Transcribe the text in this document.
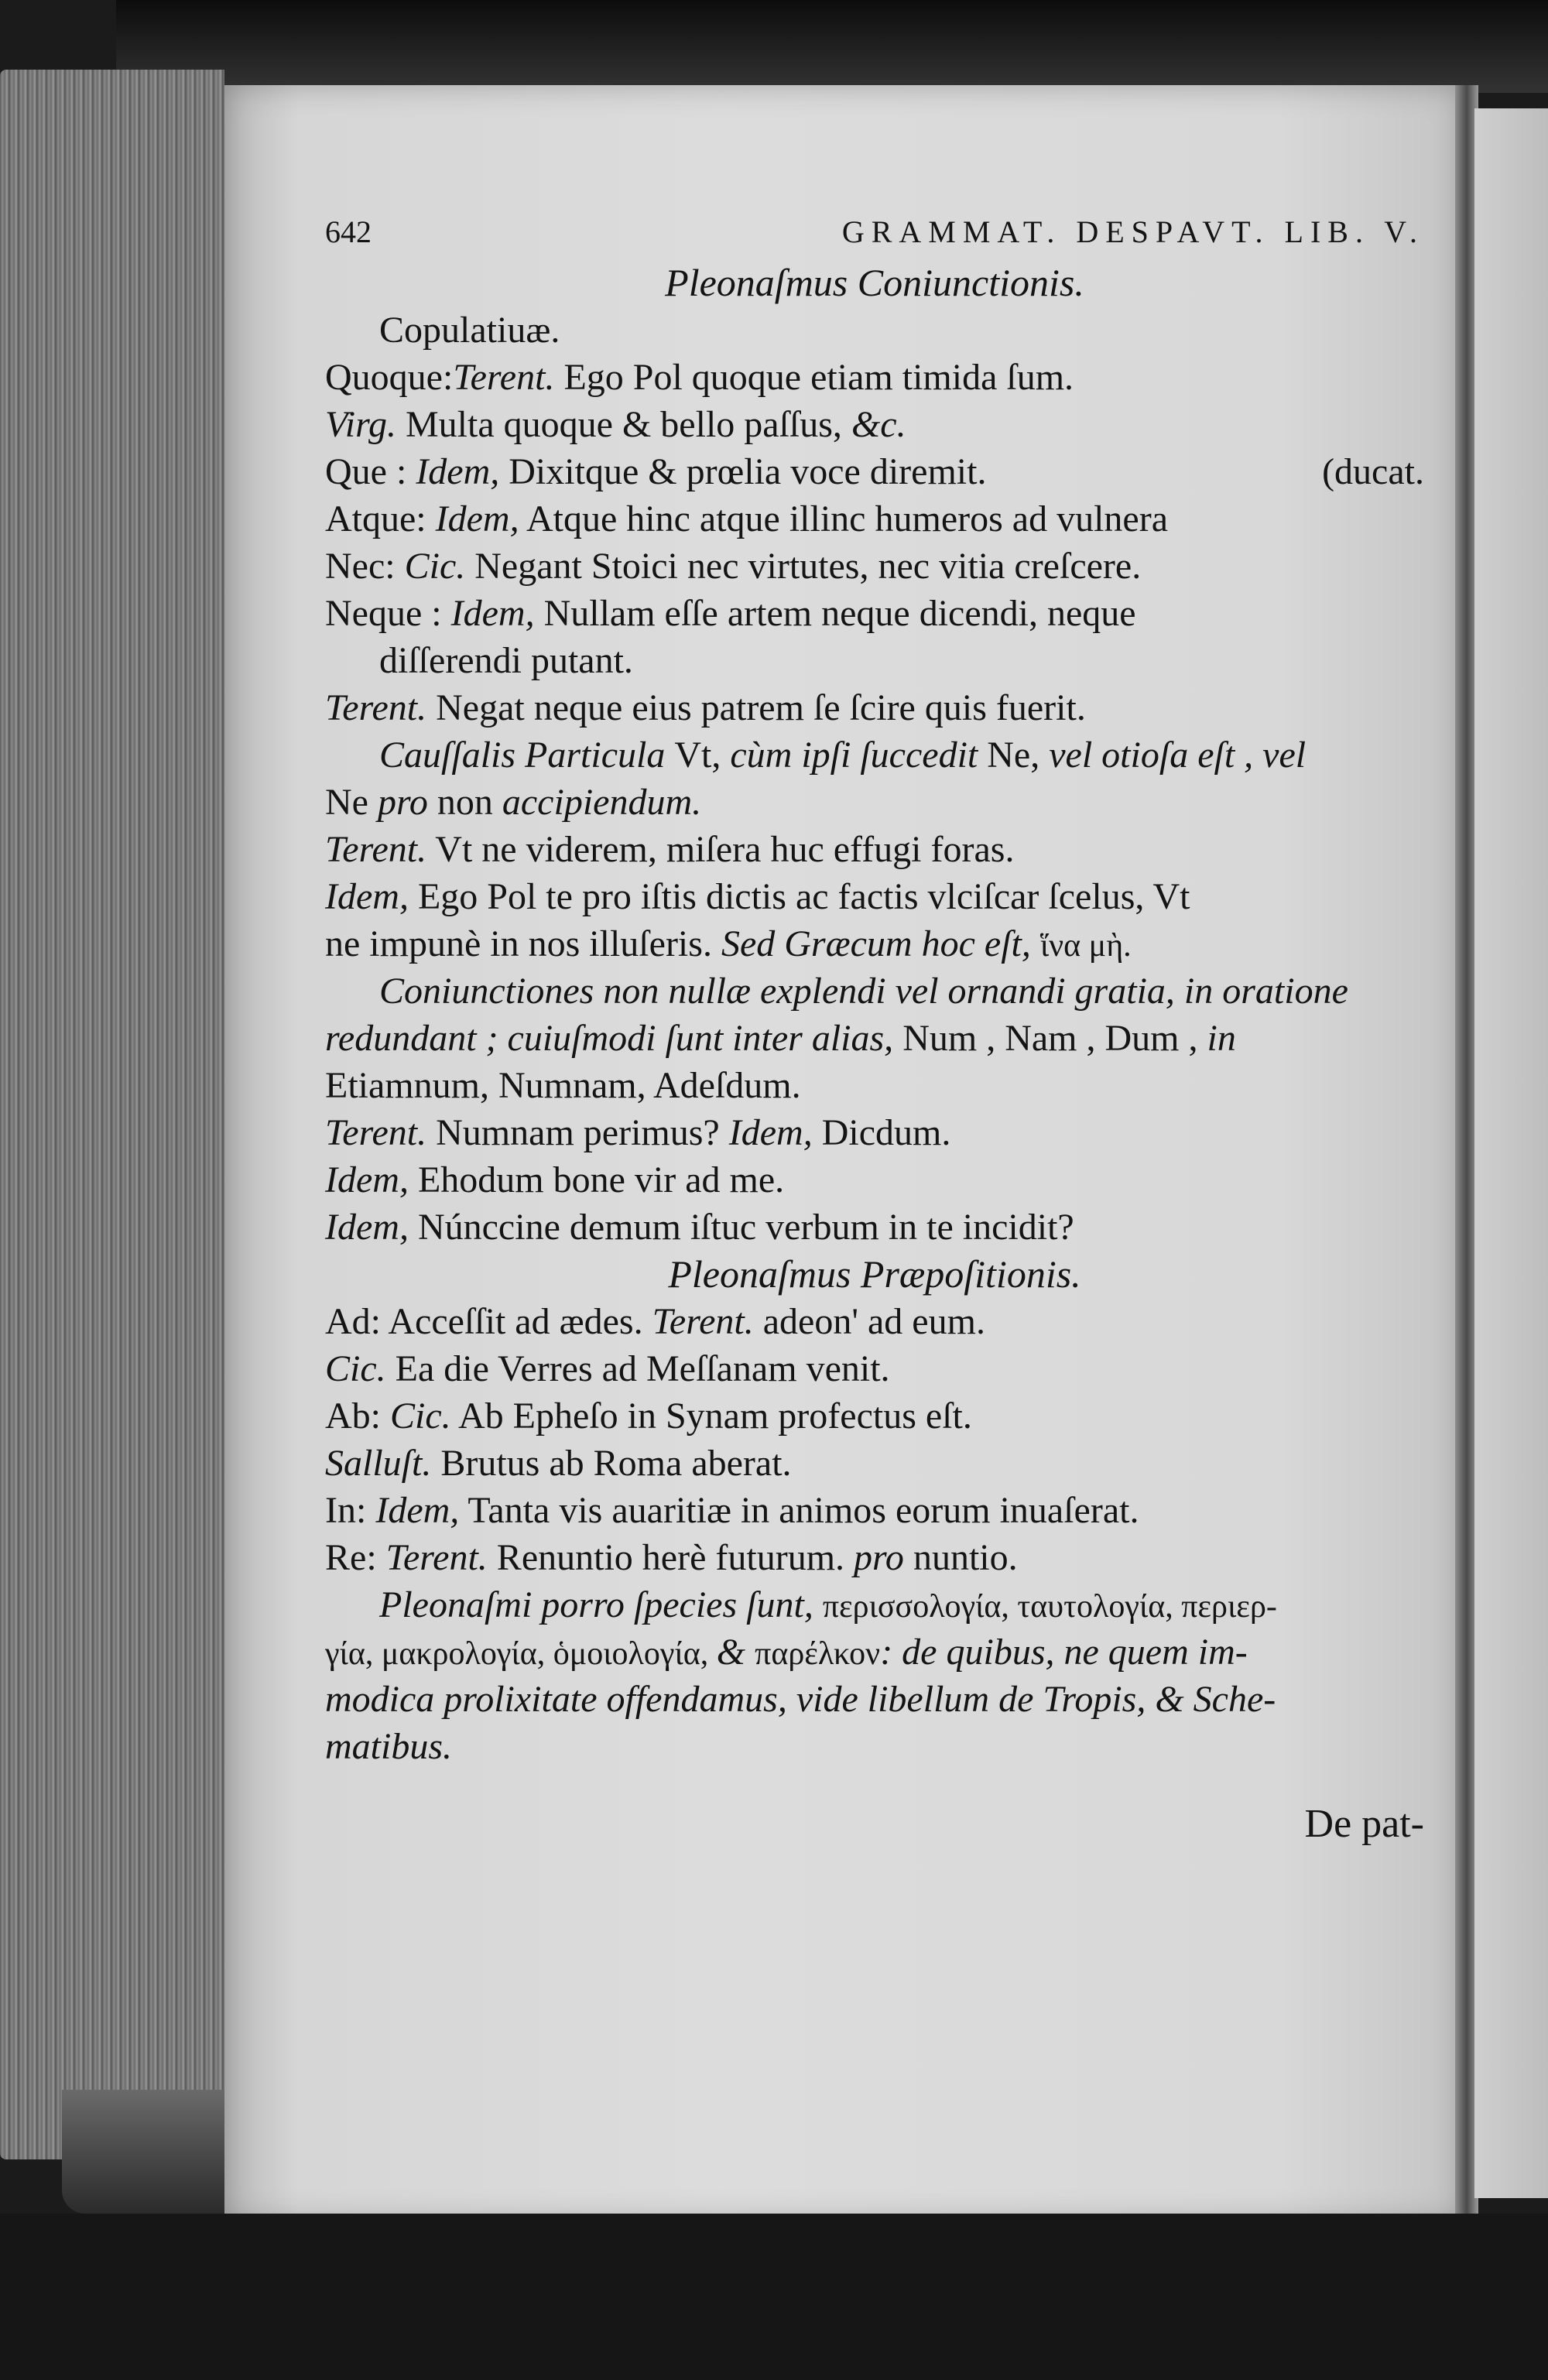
642	GRAMMAT. DESPAVT. LIB. V.
Pleonaſmus Coniunctionis.
Copulatiuæ.
Quoque:Terent. Ego Pol quoque etiam timida ſum.
Virg. Multa quoque & bello paſſus, &c.
Que : Idem, Dixitque & prœlia voce diremit.	(ducat.
Atque: Idem, Atque hinc atque illinc humeros ad vulnera
Nec: Cic. Negant Stoici nec virtutes, nec vitia creſcere.
Neque : Idem, Nullam eſſe artem neque dicendi, neque
diſſerendi putant.
Terent. Negat neque eius patrem ſe ſcire quis fuerit.
Cauſſalis Particula Vt, cùm ipſi ſuccedit Ne, vel otioſa eſt , vel
Ne pro non accipiendum.
Terent. Vt ne viderem, miſera huc effugi foras.
Idem, Ego Pol te pro iſtis dictis ac factis vlciſcar ſcelus, Vt
ne impunè in nos illuſeris. Sed Græcum hoc eſt, ἵνα μὴ.
Coniunctiones non nullæ explendi vel ornandi gratia, in oratione
redundant ; cuiuſmodi ſunt inter alias, Num , Nam , Dum , in
Etiamnum, Numnam, Adeſdum.
Terent. Numnam perimus? Idem, Dicdum.
Idem, Ehodum bone vir ad me.
Idem, Núnccine demum iſtuc verbum in te incidit?
Pleonaſmus Præpoſitionis.
Ad: Acceſſit ad ædes. Terent. adeon' ad eum.
Cic. Ea die Verres ad Meſſanam venit.
Ab: Cic. Ab Epheſo in Synam profectus eſt.
Salluſt. Brutus ab Roma aberat.
In: Idem, Tanta vis auaritiæ in animos eorum inuaſerat.
Re: Terent. Renuntio herè futurum. pro nuntio.
Pleonaſmi porro ſpecies ſunt, περισσολογία, ταυτολογία, περιερ-
γία, μακρολογία, ὁμοιολογία, & παρέλκον: de quibus, ne quem im-
modica prolixitate offendamus, vide libellum de Tropis, & Sche-
matibus.
De pat-
